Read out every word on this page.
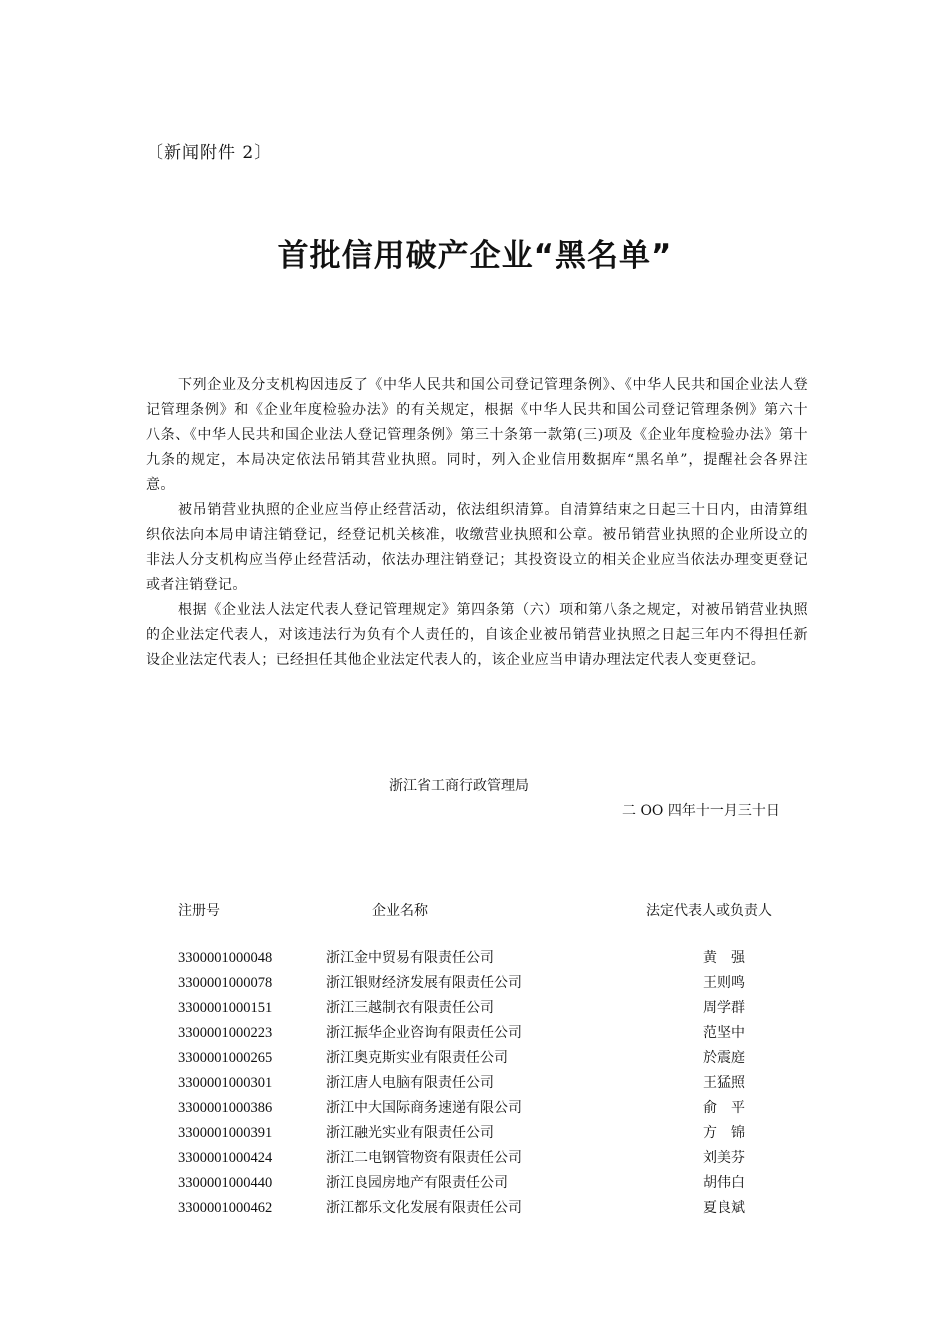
〔新闻附件 2〕
首批信用破产企业“黑名单”

下列企业及分支机构因违反了《中华人民共和国公司登记管理条例》、《中华人民共和国企业法人登记管理条例》和《企业年度检验办法》的有关规定，根据《中华人民共和国公司登记管理条例》第六十八条、《中华人民共和国企业法人登记管理条例》第三十条第一款第(三)项及《企业年度检验办法》第十九条的规定，本局决定依法吊销其营业执照。同时，列入企业信用数据库“黑名单”，提醒社会各界注意。

被吊销营业执照的企业应当停止经营活动，依法组织清算。自清算结束之日起三十日内，由清算组织依法向本局申请注销登记，经登记机关核准，收缴营业执照和公章。被吊销营业执照的企业所设立的非法人分支机构应当停止经营活动，依法办理注销登记；其投资设立的相关企业应当依法办理变更登记或者注销登记。

根据《企业法人法定代表人登记管理规定》第四条第（六）项和第八条之规定，对被吊销营业执照的企业法定代表人，对该违法行为负有个人责任的，自该企业被吊销营业执照之日起三年内不得担任新设企业法定代表人；已经担任其他企业法定代表人的，该企业应当申请办理法定代表人变更登记。

浙江省工商行政管理局
二 OO 四年十一月三十日
注册号	企业名称	法定代表人或负责人
3300001000048	浙江金中贸易有限责任公司	黄　强
3300001000078	浙江银财经济发展有限责任公司	王则鸣
3300001000151	浙江三越制衣有限责任公司	周学群
3300001000223	浙江振华企业咨询有限责任公司	范坚中
3300001000265	浙江奥克斯实业有限责任公司	於震庭
3300001000301	浙江唐人电脑有限责任公司	王猛照
3300001000386	浙江中大国际商务速递有限公司	俞　平
3300001000391	浙江融光实业有限责任公司	方　锦
3300001000424	浙江二电钢管物资有限责任公司	刘美芬
3300001000440	浙江良园房地产有限责任公司	胡伟白
3300001000462	浙江都乐文化发展有限责任公司	夏良斌
